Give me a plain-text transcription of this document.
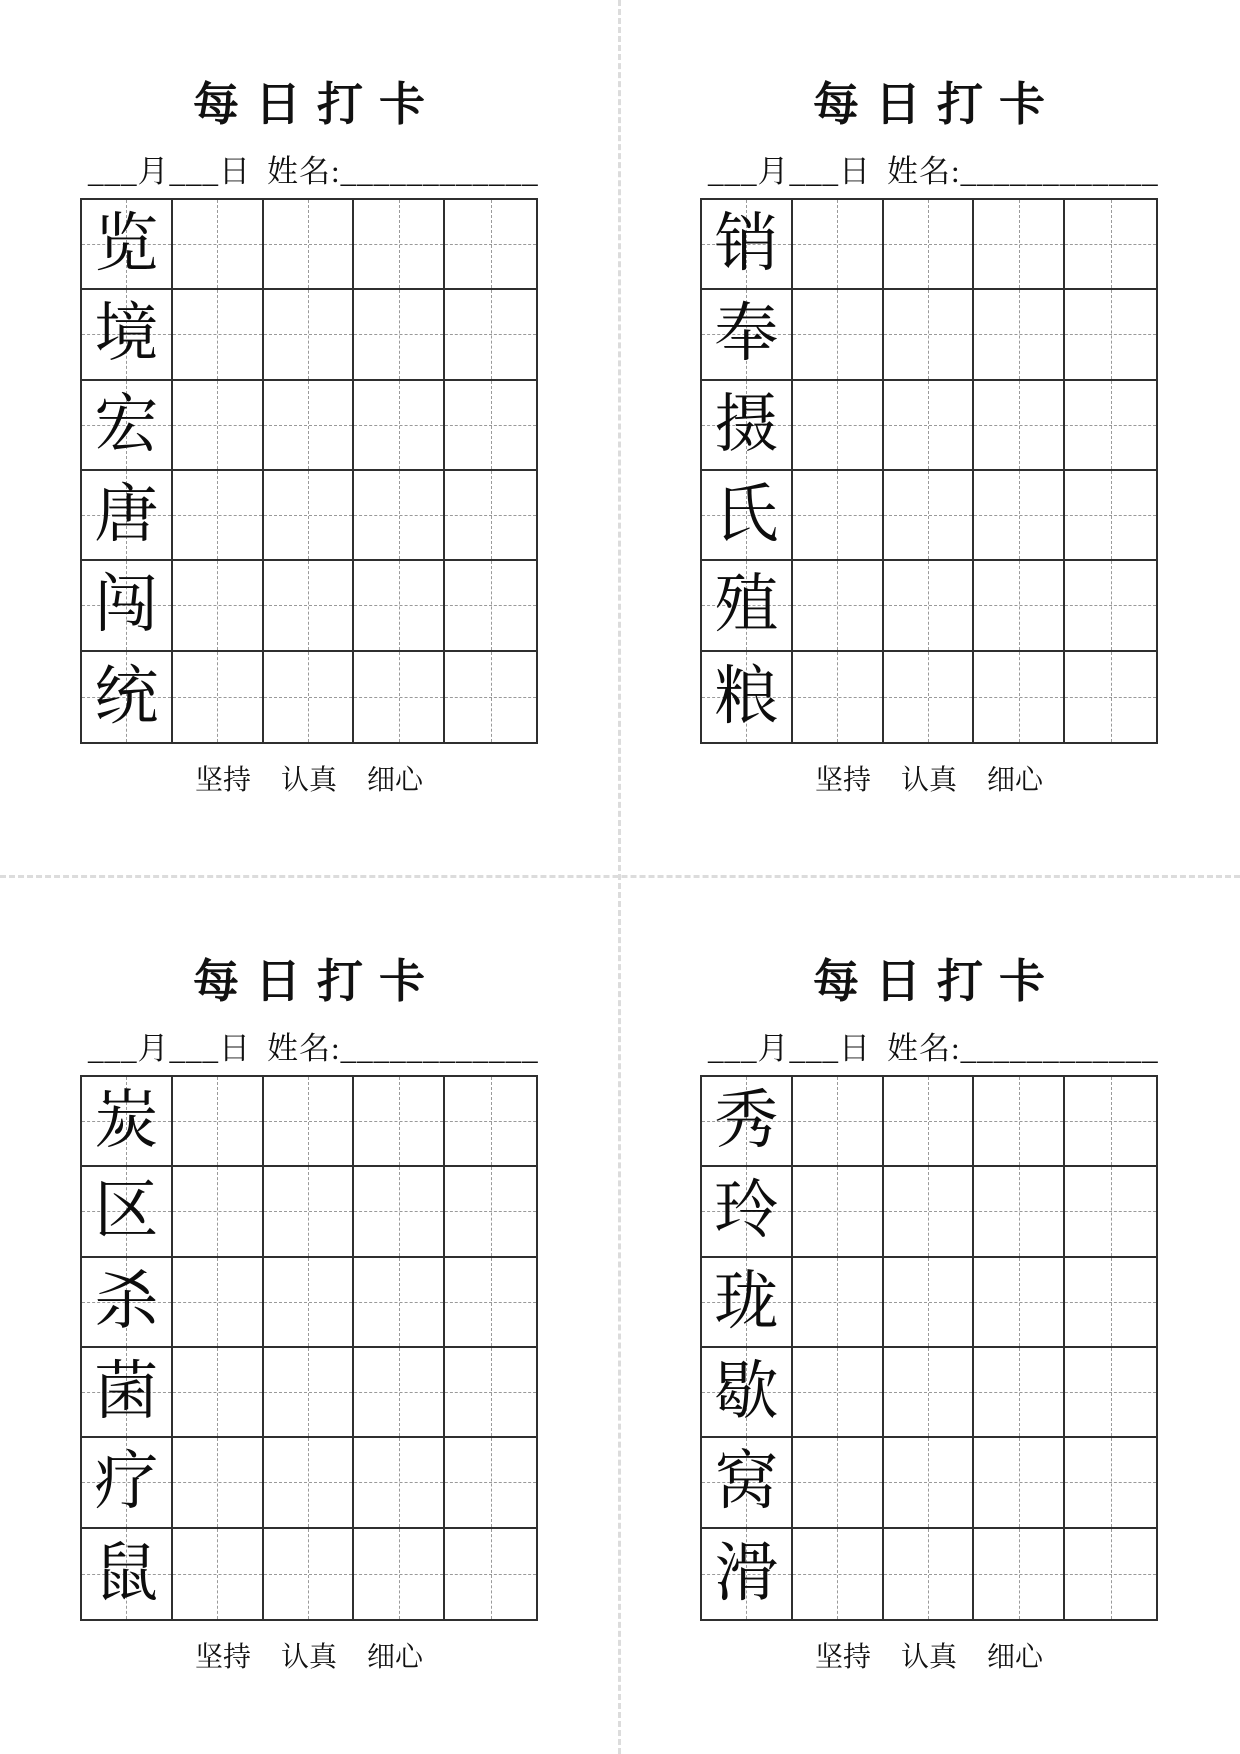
每日打卡
___月___日 姓名:____________
览
境
宏
唐
闯
统
坚持 认真 细心
每日打卡
___月___日 姓名:____________
销
奉
摄
氏
殖
粮
坚持 认真 细心
每日打卡
___月___日 姓名:____________
炭
区
杀
菌
疗
鼠
坚持 认真 细心
每日打卡
___月___日 姓名:____________
秀
玲
珑
歇
窝
滑
坚持 认真 细心
